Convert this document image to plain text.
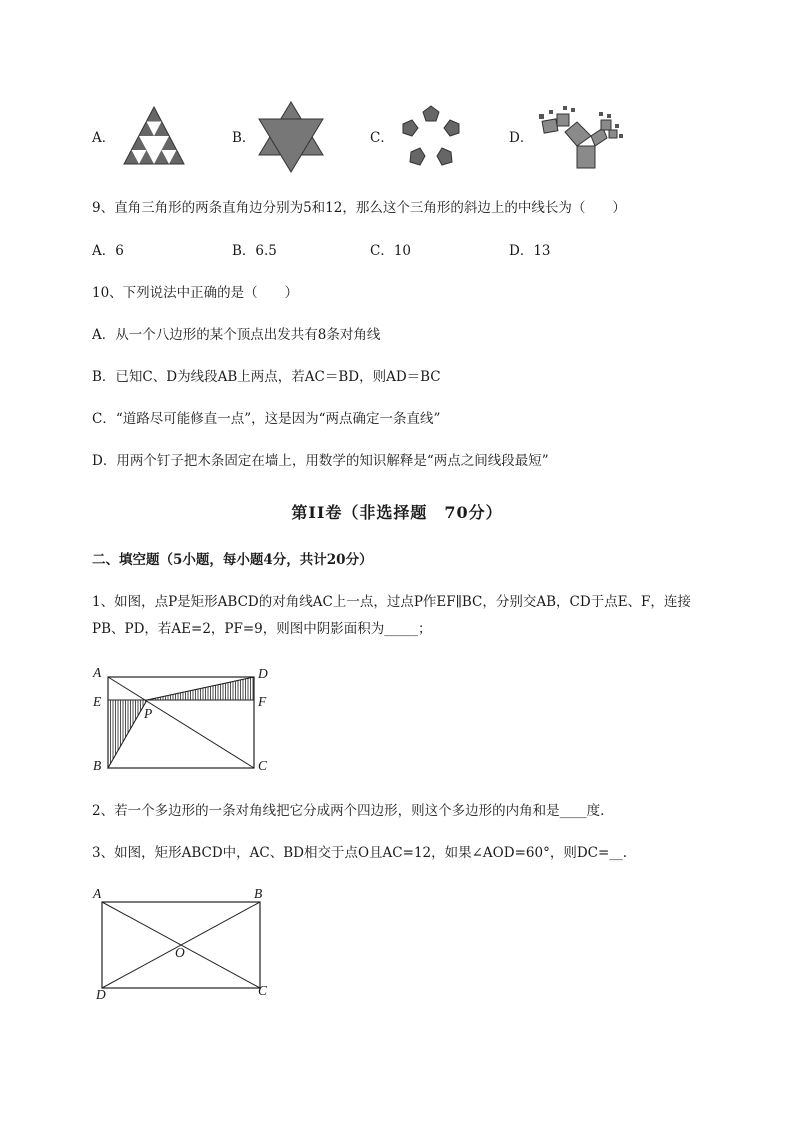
A．	B．	C．	D．
9、直角三角形的两条直角边分别为5和12，那么这个三角形的斜边上的中线长为（　　）
A．6	B．6.5	C．10	D．13
10、下列说法中正确的是（　　）
A．从一个八边形的某个顶点出发共有8条对角线
B．已知C、D为线段AB上两点，若AC＝BD，则AD＝BC
C．“道路尽可能修直一点”，这是因为“两点确定一条直线”
D．用两个钉子把木条固定在墙上，用数学的知识解释是“两点之间线段最短”
第II卷（非选择题　70分）
二、填空题（5小题，每小题4分，共计20分）
1、如图，点P是矩形ABCD的对角线AC上一点，过点P作EF∥BC，分别交AB，CD于点E、F，连接
PB、PD，若AE=2，PF=9，则图中阴影面积为_____；
A	D
E
P
F
B	C
2、若一个多边形的一条对角线把它分成两个四边形，则这个多边形的内角和是____度.
3、如图，矩形ABCD中，AC、BD相交于点O且AC=12，如果∠AOD=60°，则DC=__.
A	B
O
D	C
